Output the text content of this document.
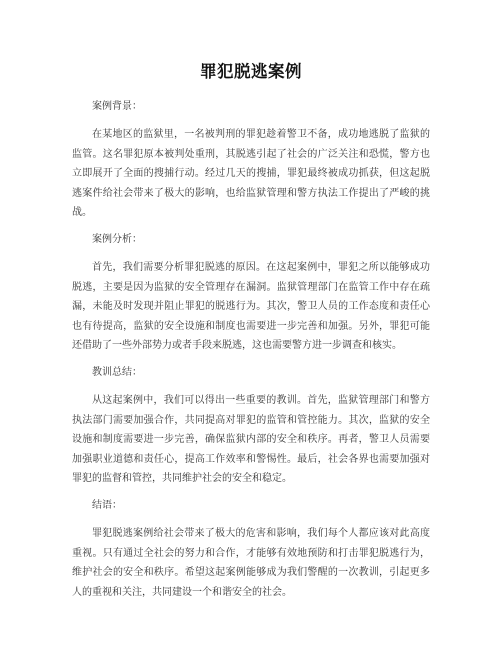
罪犯脱逃案例

案例背景：

在某地区的监狱里，一名被判刑的罪犯趁着警卫不备，成功地逃脱了监狱的监管。这名罪犯原本被判处重刑，其脱逃引起了社会的广泛关注和恐慌，警方也立即展开了全面的搜捕行动。经过几天的搜捕，罪犯最终被成功抓获，但这起脱逃案件给社会带来了极大的影响，也给监狱管理和警方执法工作提出了严峻的挑战。

案例分析：

首先，我们需要分析罪犯脱逃的原因。在这起案例中，罪犯之所以能够成功脱逃，主要是因为监狱的安全管理存在漏洞。监狱管理部门在监管工作中存在疏漏，未能及时发现并阻止罪犯的脱逃行为。其次，警卫人员的工作态度和责任心也有待提高，监狱的安全设施和制度也需要进一步完善和加强。另外，罪犯可能还借助了一些外部势力或者手段来脱逃，这也需要警方进一步调查和核实。

教训总结：

从这起案例中，我们可以得出一些重要的教训。首先，监狱管理部门和警方执法部门需要加强合作，共同提高对罪犯的监管和管控能力。其次，监狱的安全设施和制度需要进一步完善，确保监狱内部的安全和秩序。再者，警卫人员需要加强职业道德和责任心，提高工作效率和警惕性。最后，社会各界也需要加强对罪犯的监督和管控，共同维护社会的安全和稳定。

结语：

罪犯脱逃案例给社会带来了极大的危害和影响，我们每个人都应该对此高度重视。只有通过全社会的努力和合作，才能够有效地预防和打击罪犯脱逃行为，维护社会的安全和秩序。希望这起案例能够成为我们警醒的一次教训，引起更多人的重视和关注，共同建设一个和谐安全的社会。
